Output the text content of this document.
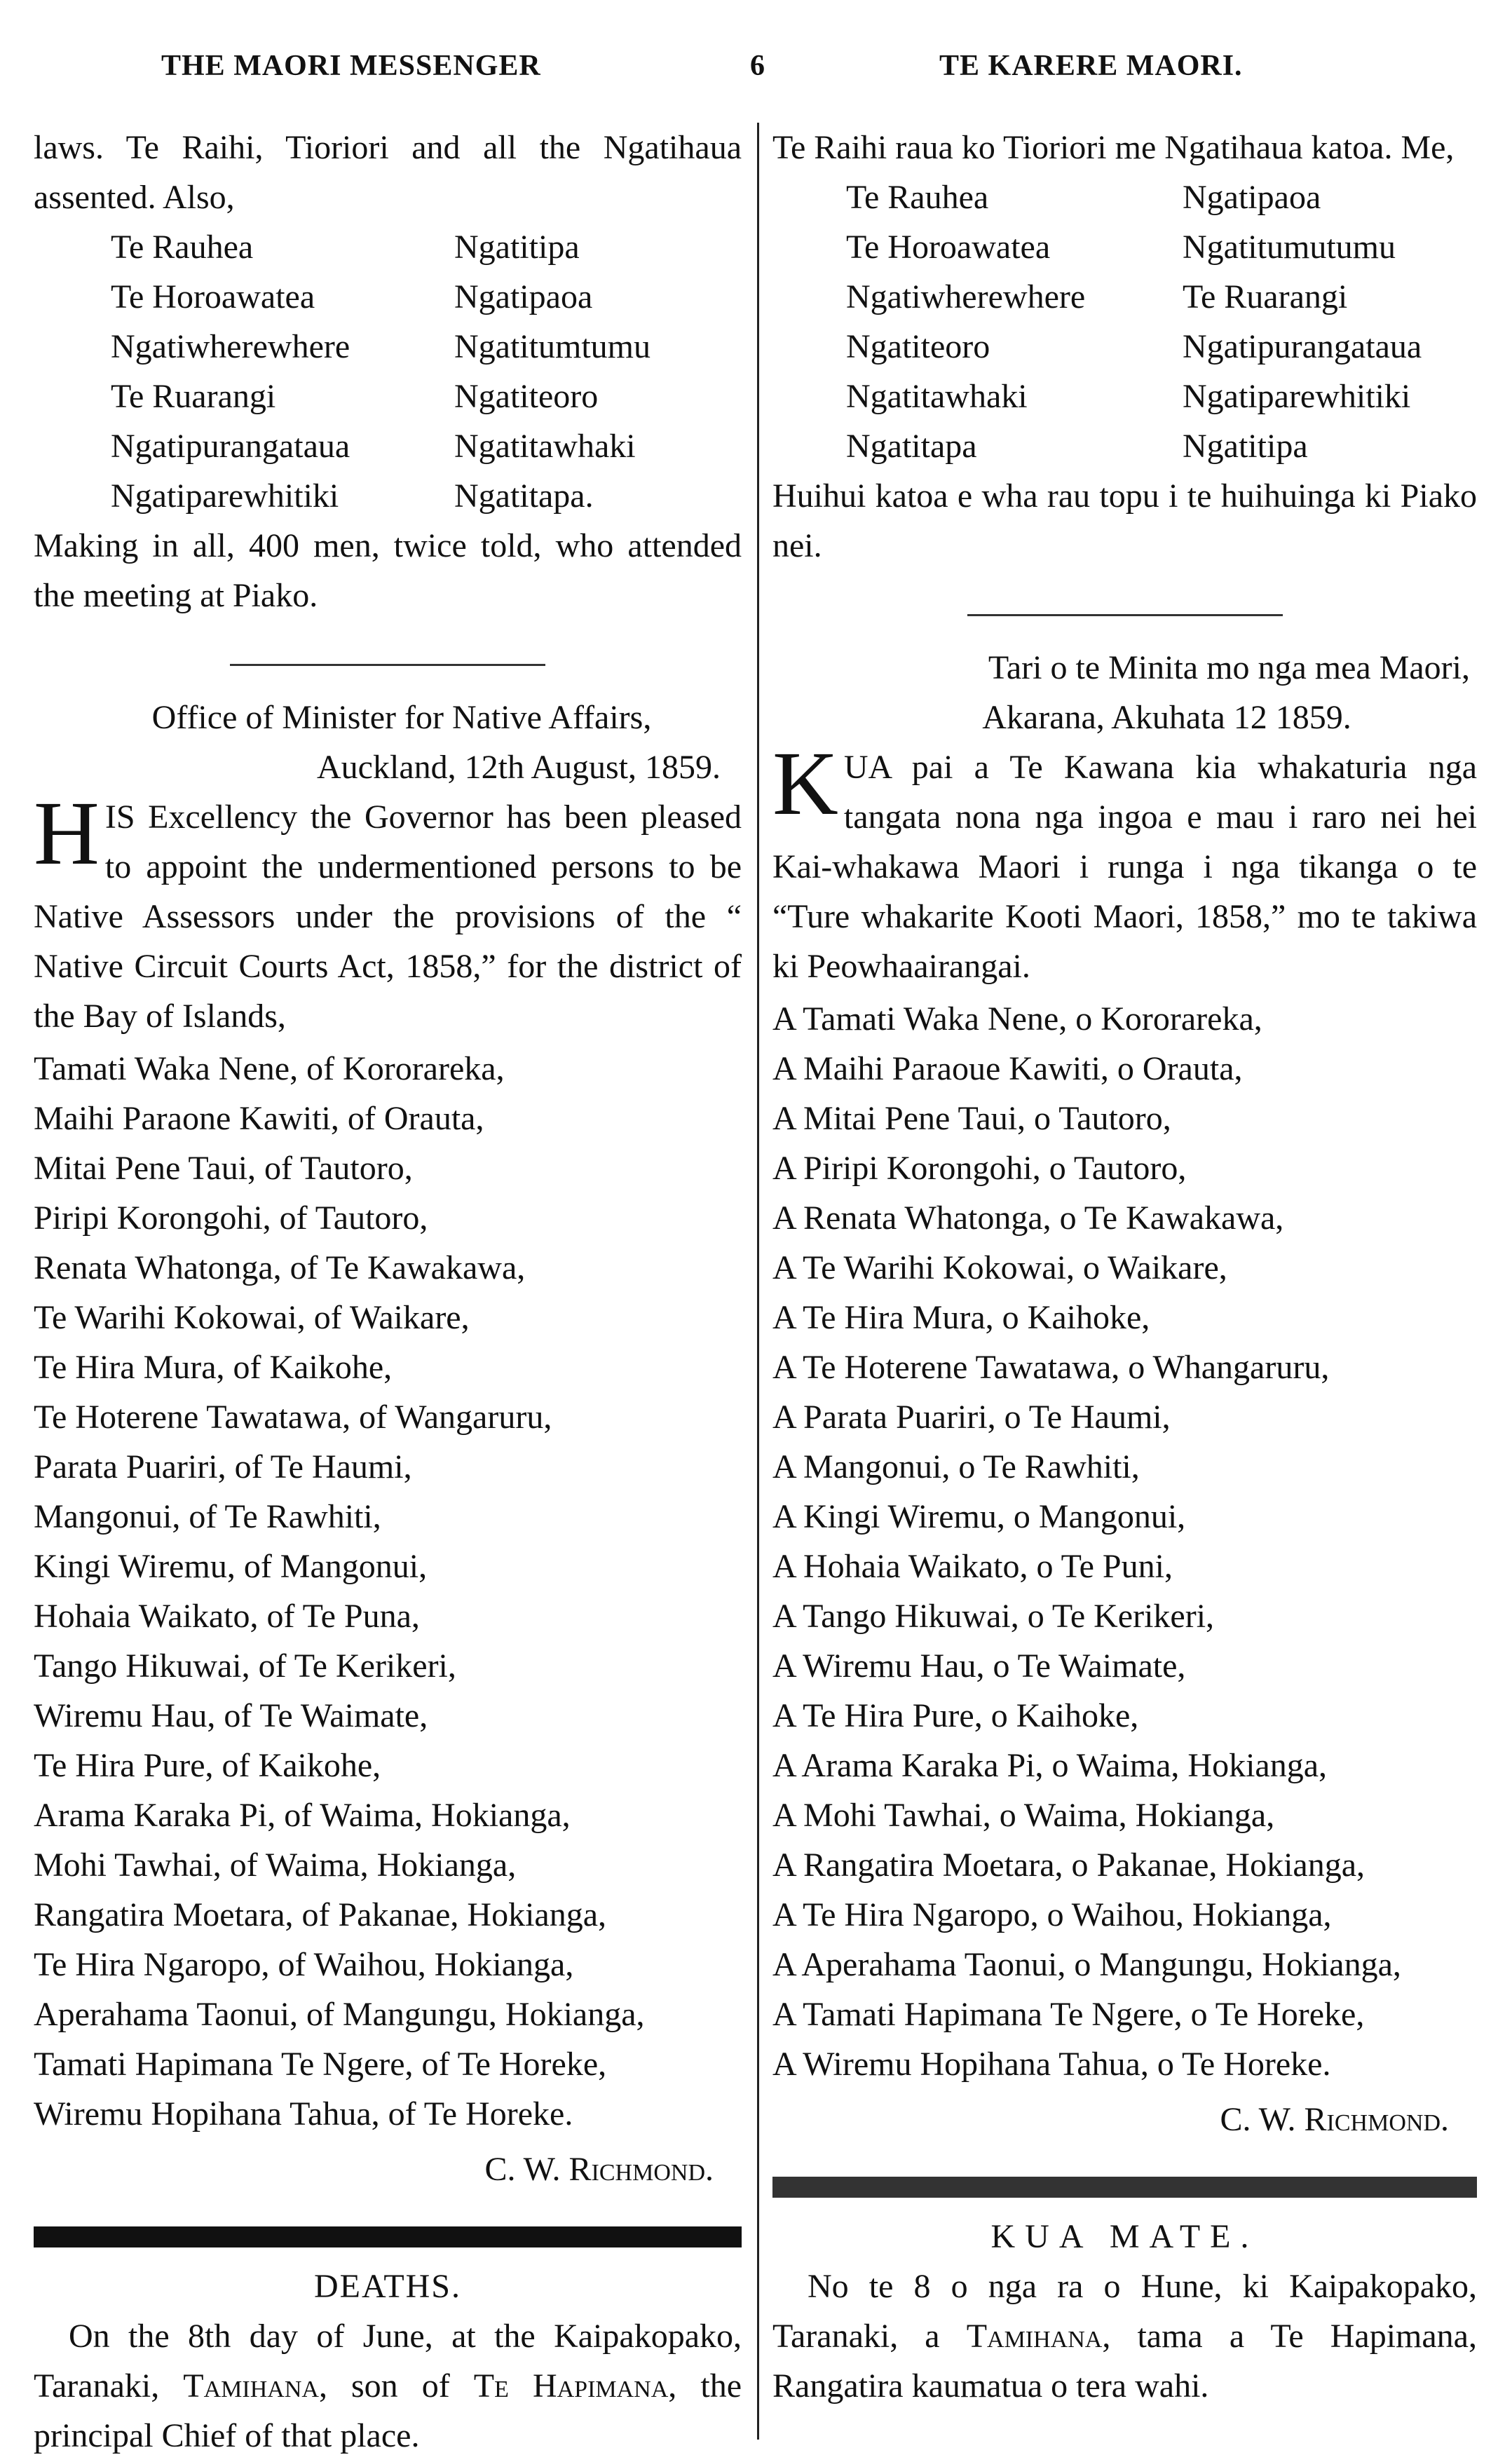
THE MAORI MESSENGER	6	TE KARERE MAORI.

laws. Te Raihi, Tioriori and all the Ngatihaua assented. Also,

Te Rauhea	Ngatitipa
Te Horoawatea	Ngatipaoa
Ngatiwherewhere	Ngatitumtumu
Te Ruarangi	Ngatiteoro
Ngatipurangataua	Ngatitawhaki
Ngatiparewhitiki	Ngatitapa.

Making in all, 400 men, twice told, who attended the meeting at Piako.

Office of Minister for Native Affairs,
Auckland, 12th August, 1859.

HIS Excellency the Governor has been pleased to appoint the undermentioned persons to be Native Assessors under the provisions of the “ Native Circuit Courts Act, 1858,” for the district of the Bay of Islands,

Tamati Waka Nene, of Kororareka,
Maihi Paraone Kawiti, of Orauta,
Mitai Pene Taui, of Tautoro,
Piripi Korongohi, of Tautoro,
Renata Whatonga, of Te Kawakawa,
Te Warihi Kokowai, of Waikare,
Te Hira Mura, of Kaikohe,
Te Hoterene Tawatawa, of Wangaruru,
Parata Puariri, of Te Haumi,
Mangonui, of Te Rawhiti,
Kingi Wiremu, of Mangonui,
Hohaia Waikato, of Te Puna,
Tango Hikuwai, of Te Kerikeri,
Wiremu Hau, of Te Waimate,
Te Hira Pure, of Kaikohe,
Arama Karaka Pi, of Waima, Hokianga,
Mohi Tawhai, of Waima, Hokianga,
Rangatira Moetara, of Pakanae, Hokianga,
Te Hira Ngaropo, of Waihou, Hokianga,
Aperahama Taonui, of Mangungu, Hokianga,
Tamati Hapimana Te Ngere, of Te Horeke,
Wiremu Hopihana Tahua, of Te Horeke.
C. W. Richmond.
DEATHS.

On the 8th day of June, at the Kaipakopako, Taranaki, Tamihana, son of Te Hapimana, the principal Chief of that place.

Te Raihi raua ko Tioriori me Ngatihaua katoa. Me,

Te Rauhea	Ngatipaoa
Te Horoawatea	Ngatitumutumu
Ngatiwherewhere	Te Ruarangi
Ngatiteoro	Ngatipurangataua
Ngatitawhaki	Ngatiparewhitiki
Ngatitapa	Ngatitipa

Huihui katoa e wha rau topu i te huihuinga ki Piako nei.

Tari o te Minita mo nga mea Maori,
Akarana, Akuhata 12 1859.

KUA pai a Te Kawana kia whakaturia nga tangata nona nga ingoa e mau i raro nei hei Kai-whakawa Maori i runga i nga tikanga o te “Ture whakarite Kooti Maori, 1858,” mo te takiwa ki Peowhaairangai.

A Tamati Waka Nene, o Kororareka,
A Maihi Paraoue Kawiti, o Orauta,
A Mitai Pene Taui, o Tautoro,
A Piripi Korongohi, o Tautoro,
A Renata Whatonga, o Te Kawakawa,
A Te Warihi Kokowai, o Waikare,
A Te Hira Mura, o Kaihoke,
A Te Hoterene Tawatawa, o Whangaruru,
A Parata Puariri, o Te Haumi,
A Mangonui, o Te Rawhiti,
A Kingi Wiremu, o Mangonui,
A Hohaia Waikato, o Te Puni,
A Tango Hikuwai, o Te Kerikeri,
A Wiremu Hau, o Te Waimate,
A Te Hira Pure, o Kaihoke,
A Arama Karaka Pi, o Waima, Hokianga,
A Mohi Tawhai, o Waima, Hokianga,
A Rangatira Moetara, o Pakanae, Hokianga,
A Te Hira Ngaropo, o Waihou, Hokianga,
A Aperahama Taonui, o Mangungu, Hokianga,
A Tamati Hapimana Te Ngere, o Te Horeke,
A Wiremu Hopihana Tahua, o Te Horeke.
C. W. Richmond.
KUA MATE.

No te 8 o nga ra o Hune, ki Kaipakopako, Taranaki, a Tamihana, tama a Te Hapimana, Rangatira kaumatua o tera wahi.
